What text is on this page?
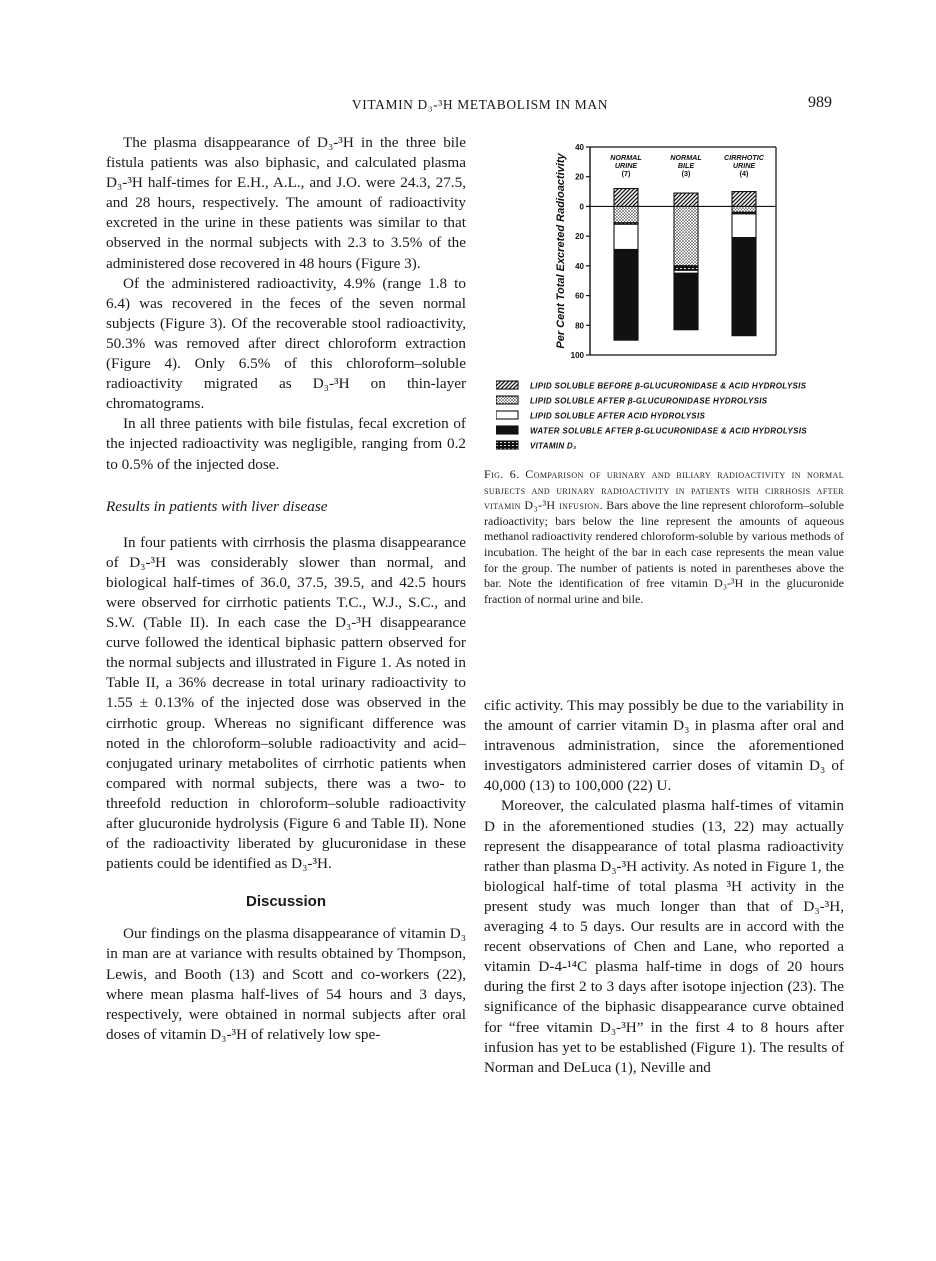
VITAMIN D₃-³H METABOLISM IN MAN	989

The plasma disappearance of D₃-³H in the three bile fistula patients was also biphasic, and calculated plasma D₃-³H half-times for E.H., A.L., and J.O. were 24.3, 27.5, and 28 hours, respectively. The amount of radioactivity excreted in the urine in these patients was similar to that observed in the normal subjects with 2.3 to 3.5% of the administered dose recovered in 48 hours (Figure 3).

Of the administered radioactivity, 4.9% (range 1.8 to 6.4) was recovered in the feces of the seven normal subjects (Figure 3). Of the recoverable stool radioactivity, 50.3% was removed after direct chloroform extraction (Figure 4). Only 6.5% of this chloroform–soluble radioactivity migrated as D₃-³H on thin-layer chromatograms.

In all three patients with bile fistulas, fecal excretion of the injected radioactivity was negligible, ranging from 0.2 to 0.5% of the injected dose.

Results in patients with liver disease

In four patients with cirrhosis the plasma disappearance of D₃-³H was considerably slower than normal, and biological half-times of 36.0, 37.5, 39.5, and 42.5 hours were observed for cirrhotic patients T.C., W.J., S.C., and S.W. (Table II). In each case the D₃-³H disappearance curve followed the identical biphasic pattern observed for the normal subjects and illustrated in Figure 1. As noted in Table II, a 36% decrease in total urinary radioactivity to 1.55 ± 0.13% of the injected dose was observed in the cirrhotic group. Whereas no significant difference was noted in the chloroform–soluble radioactivity and acid–conjugated urinary metabolites of cirrhotic patients when compared with normal subjects, there was a two- to threefold reduction in chloroform–soluble radioactivity after glucuronide hydrolysis (Figure 6 and Table II). None of the radioactivity liberated by glucuronidase in these patients could be identified as D₃-³H.

Discussion

Our findings on the plasma disappearance of vitamin D₃ in man are at variance with results obtained by Thompson, Lewis, and Booth (13) and Scott and co-workers (22), where mean plasma half-lives of 54 hours and 3 days, respectively, were obtained in normal subjects after oral doses of vitamin D₃-³H of relatively low spe-

40
20
0
20
40
60
80
100
Per Cent Total Excreted Radioactivity	NORMAL
URINE
(7)
NORMAL
BILE
(3)
CIRRHOTIC
URINE
(4)
LIPID SOLUBLE BEFORE β-GLUCURONIDASE & ACID HYDROLYSIS
LIPID SOLUBLE AFTER β-GLUCURONIDASE HYDROLYSIS
LIPID SOLUBLE AFTER ACID HYDROLYSIS
WATER SOLUBLE AFTER β-GLUCURONIDASE & ACID HYDROLYSIS
VITAMIN D₃
Fig. 6. Comparison of urinary and biliary radioactivity in normal subjects and urinary radioactivity in patients with cirrhosis after vitamin D₃-³H infusion. Bars above the line represent chloroform–soluble radioactivity; bars below the line represent the amounts of aqueous methanol radioactivity rendered chloroform-soluble by various methods of incubation. The height of the bar in each case represents the mean value for the group. The number of patients is noted in parentheses above the bar. Note the identification of free vitamin D₃-³H in the glucuronide fraction of normal urine and bile.

cific activity. This may possibly be due to the variability in the amount of carrier vitamin D₃ in plasma after oral and intravenous administration, since the aforementioned investigators administered carrier doses of vitamin D₃ of 40,000 (13) to 100,000 (22) U.

Moreover, the calculated plasma half-times of vitamin D in the aforementioned studies (13, 22) may actually represent the disappearance of total plasma radioactivity rather than plasma D₃-³H activity. As noted in Figure 1, the biological half-time of total plasma ³H activity in the present study was much longer than that of D₃-³H, averaging 4 to 5 days. Our results are in accord with the recent observations of Chen and Lane, who reported a vitamin D-4-¹⁴C plasma half-time in dogs of 20 hours during the first 2 to 3 days after isotope injection (23). The significance of the biphasic disappearance curve obtained for “free vitamin D₃-³H” in the first 4 to 8 hours after infusion has yet to be established (Figure 1). The results of Norman and DeLuca (1), Neville and
